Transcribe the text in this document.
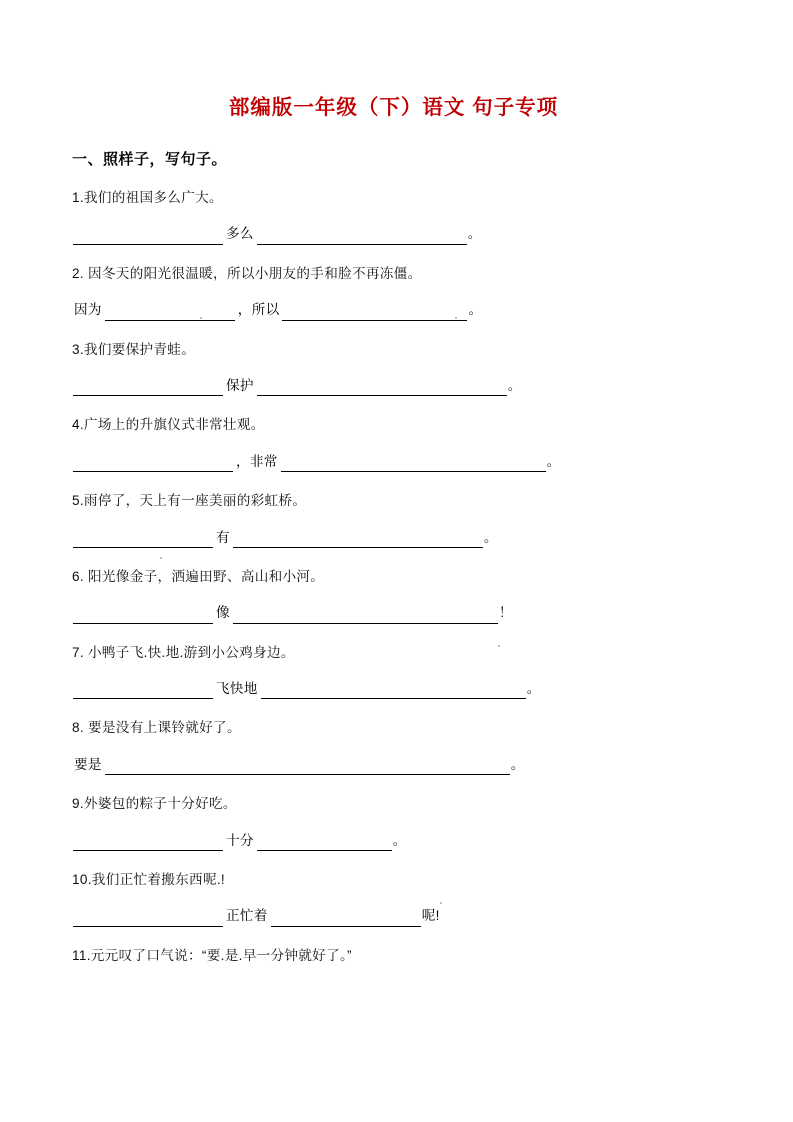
部编版一年级（下）语文 句子专项
一、照样子，写句子。
1.我们的祖国多么广大。
多么	。
2. 因冬天的阳光很温暖，所以小朋友的手和脸不再冻僵。
因为	，所以	。
3.我们要保护青蛙。
保护	。
4.广场上的升旗仪式非常壮观。
，非常	。
5.雨停了，天上有一座美丽的彩虹桥。
有	。
6. 阳光像金子，洒遍田野、高山和小河。
像	！
7. 小鸭子飞.快.地.游到小公鸡身边。
飞快地	。
8. 要是没有上课铃就好了。
要是	。
9.外婆包的粽子十分好吃。
十分	。
10.我们正忙着搬东西呢.!
正忙着	呢!
11.元元叹了口气说：“要.是.早一分钟就好了。”
